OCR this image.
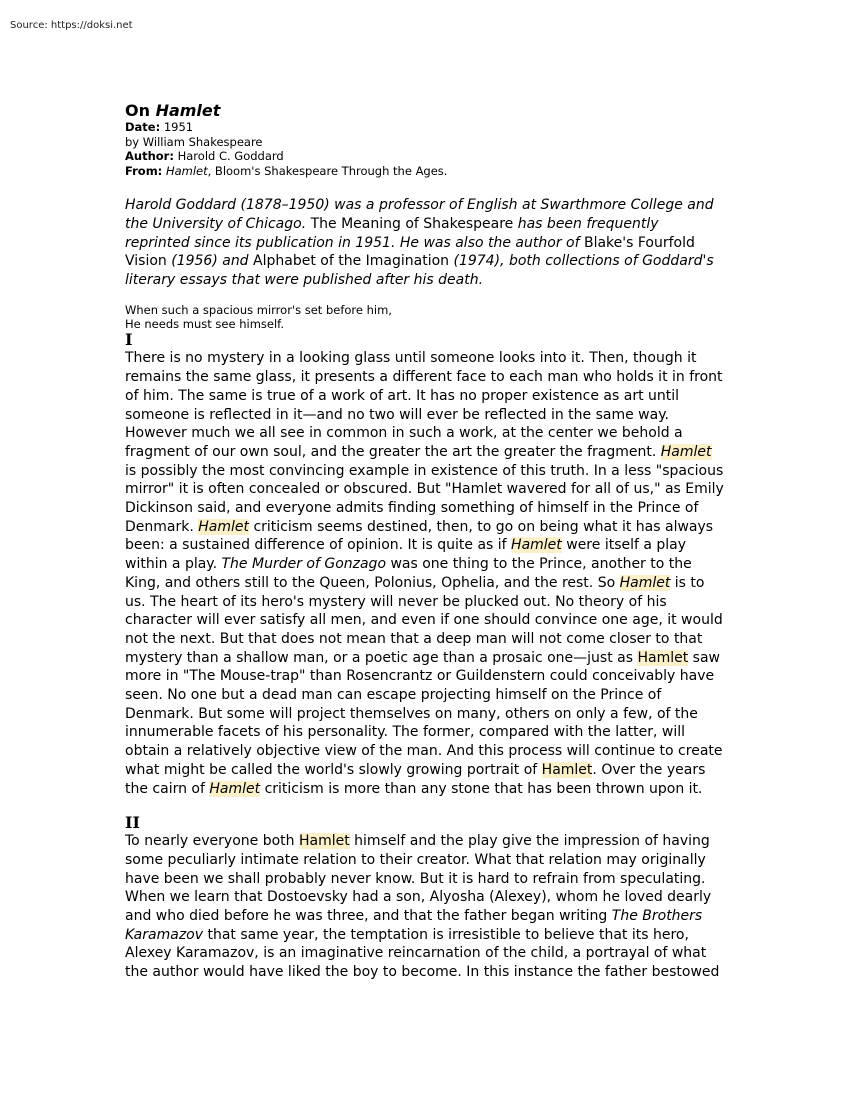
Source: https://doksi.net
On Hamlet

Date: 1951

by William Shakespeare

Author: Harold C. Goddard

From: Hamlet, Bloom's Shakespeare Through the Ages.

Harold Goddard (1878–1950) was a professor of English at Swarthmore College and the University of Chicago. The Meaning of Shakespeare has been frequently reprinted since its publication in 1951. He was also the author of Blake's Fourfold Vision (1956) and Alphabet of the Imagination (1974), both collections of Goddard's literary essays that were published after his death.

When such a spacious mirror's set before him,
He needs must see himself.

I

There is no mystery in a looking glass until someone looks into it. Then, though it remains the same glass, it presents a different face to each man who holds it in front of him. The same is true of a work of art. It has no proper existence as art until someone is reflected in it—and no two will ever be reflected in the same way. However much we all see in common in such a work, at the center we behold a fragment of our own soul, and the greater the art the greater the fragment. Hamlet is possibly the most convincing example in existence of this truth. In a less "spacious mirror" it is often concealed or obscured. But "Hamlet wavered for all of us," as Emily Dickinson said, and everyone admits finding something of himself in the Prince of Denmark. Hamlet criticism seems destined, then, to go on being what it has always been: a sustained difference of opinion. It is quite as if Hamlet were itself a play within a play. The Murder of Gonzago was one thing to the Prince, another to the King, and others still to the Queen, Polonius, Ophelia, and the rest. So Hamlet is to us. The heart of its hero's mystery will never be plucked out. No theory of his character will ever satisfy all men, and even if one should convince one age, it would not the next. But that does not mean that a deep man will not come closer to that mystery than a shallow man, or a poetic age than a prosaic one—just as Hamlet saw more in "The Mouse-trap" than Rosencrantz or Guildenstern could conceivably have seen. No one but a dead man can escape projecting himself on the Prince of Denmark. But some will project themselves on many, others on only a few, of the innumerable facets of his personality. The former, compared with the latter, will obtain a relatively objective view of the man. And this process will continue to create what might be called the world's slowly growing portrait of Hamlet. Over the years the cairn of Hamlet criticism is more than any stone that has been thrown upon it.

II

To nearly everyone both Hamlet himself and the play give the impression of having some peculiarly intimate relation to their creator. What that relation may originally have been we shall probably never know. But it is hard to refrain from speculating. When we learn that Dostoevsky had a son, Alyosha (Alexey), whom he loved dearly and who died before he was three, and that the father began writing The Brothers Karamazov that same year, the temptation is irresistible to believe that its hero, Alexey Karamazov, is an imaginative reincarnation of the child, a portrayal of what the author would have liked the boy to become. In this instance the father bestowed
